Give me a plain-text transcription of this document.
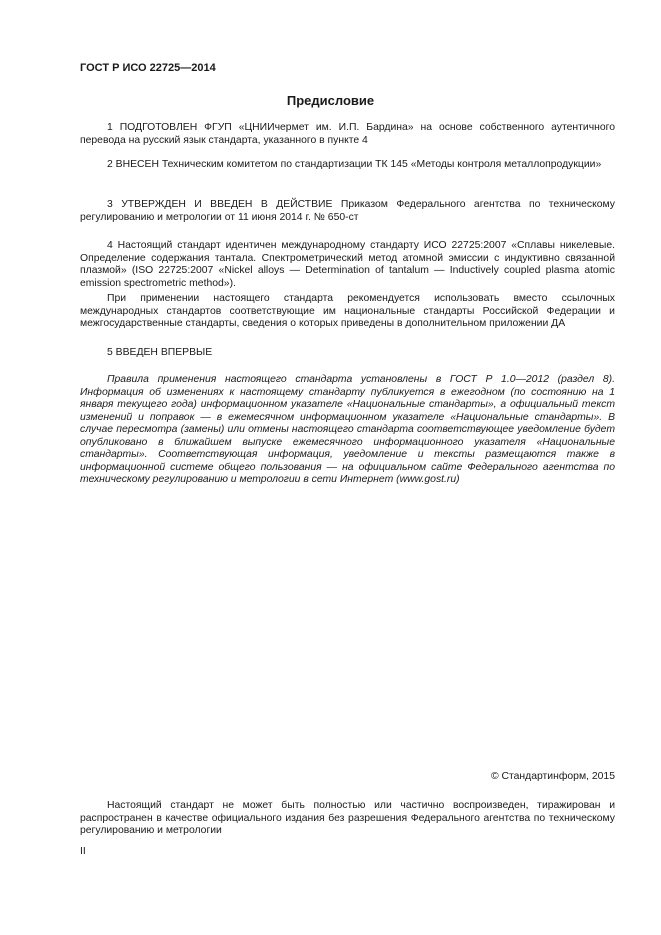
ГОСТ Р ИСО 22725—2014
Предисловие

1 ПОДГОТОВЛЕН ФГУП «ЦНИИчермет им. И.П. Бардина» на основе собственного аутентичного перевода на русский язык стандарта, указанного в пункте 4

2 ВНЕСЕН Техническим комитетом по стандартизации ТК 145 «Методы контроля металлопродукции»

3 УТВЕРЖДЕН И ВВЕДЕН В ДЕЙСТВИЕ Приказом Федерального агентства по техническому регулированию и метрологии от 11 июня 2014 г. № 650-ст

4 Настоящий стандарт идентичен международному стандарту ИСО 22725:2007 «Сплавы никелевые. Определение содержания тантала. Спектрометрический метод атомной эмиссии с индуктивно связанной плазмой» (ISO 22725:2007 «Nickel alloys — Determination of tantalum — Inductively coupled plasma atomic emission spectrometric method»).

При применении настоящего стандарта рекомендуется использовать вместо ссылочных международных стандартов соответствующие им национальные стандарты Российской Федерации и межгосударственные стандарты, сведения о которых приведены в дополнительном приложении ДА

5 ВВЕДЕН ВПЕРВЫЕ

Правила применения настоящего стандарта установлены в ГОСТ Р 1.0—2012 (раздел 8). Информация об изменениях к настоящему стандарту публикуется в ежегодном (по состоянию на 1 января текущего года) информационном указателе «Национальные стандарты», а официальный текст изменений и поправок — в ежемесячном информационном указателе «Национальные стандарты». В случае пересмотра (замены) или отмены настоящего стандарта соответствующее уведомление будет опубликовано в ближайшем выпуске ежемесячного информационного указателя «Национальные стандарты». Соответствующая информация, уведомление и тексты размещаются также в информационной системе общего пользования — на официальном сайте Федерального агентства по техническому регулированию и метрологии в сети Интернет (www.gost.ru)

© Стандартинформ, 2015

Настоящий стандарт не может быть полностью или частично воспроизведен, тиражирован и распространен в качестве официального издания без разрешения Федерального агентства по техническому регулированию и метрологии

II
